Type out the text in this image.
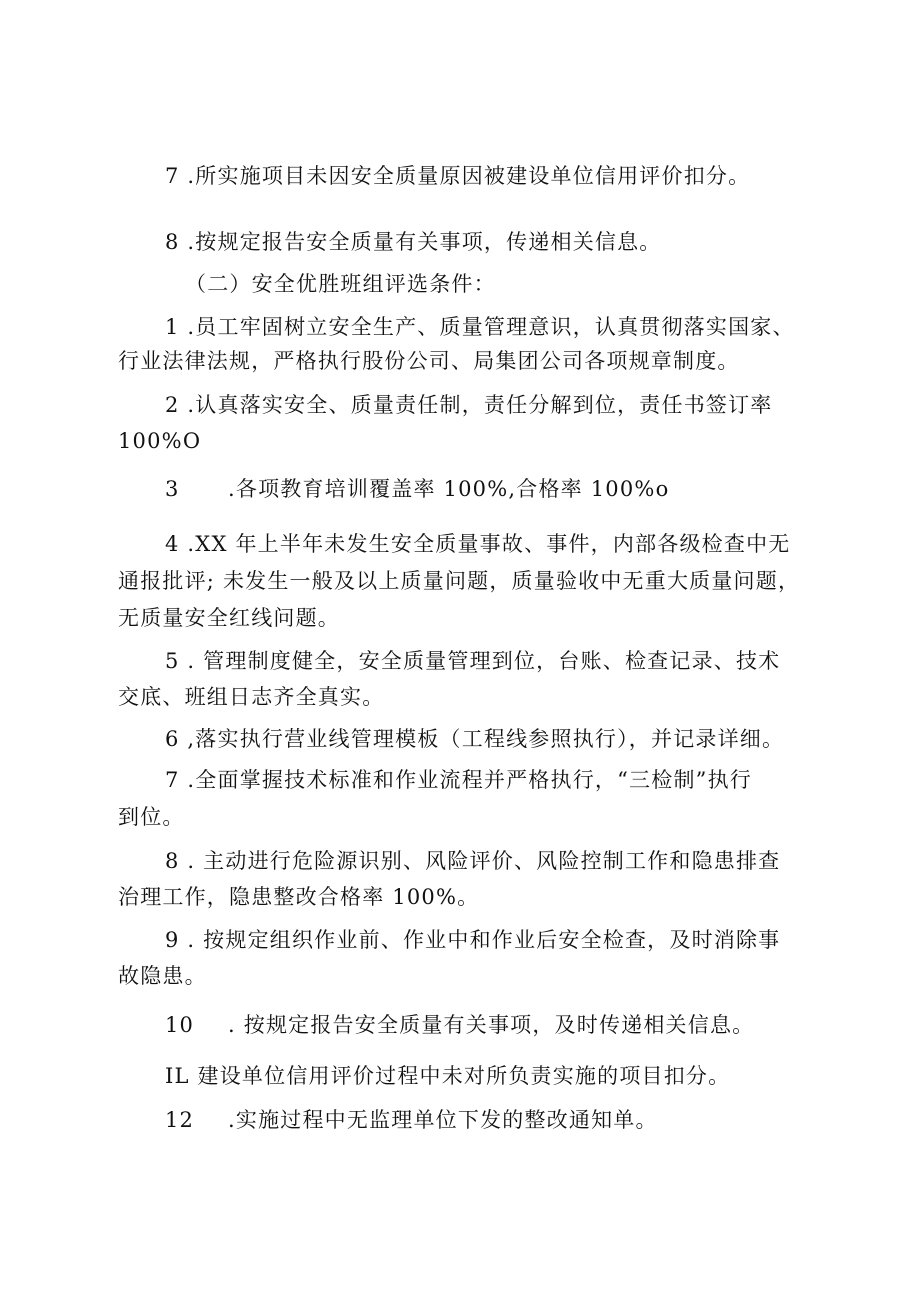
7 .所实施项目未因安全质量原因被建设单位信用评价扣分。
8 .按规定报告安全质量有关事项，传递相关信息。
（二）安全优胜班组评选条件：
1 .员工牢固树立安全生产、质量管理意识，认真贯彻落实国家、
行业法律法规，严格执行股份公司、局集团公司各项规章制度。
2 .认真落实安全、质量责任制，责任分解到位，责任书签订率
100%O
3 .各项教育培训覆盖率 100%,合格率 100%o
4 .XX 年上半年未发生安全质量事故、事件，内部各级检查中无
通报批评; 未发生一般及以上质量问题，质量验收中无重大质量问题，
无质量安全红线问题。
5 . 管理制度健全，安全质量管理到位，台账、检查记录、技术
交底、班组日志齐全真实。
6 ,落实执行营业线管理模板（工程线参照执行），并记录详细。
7 .全面掌握技术标准和作业流程并严格执行，“三检制”执行
到位。
8 . 主动进行危险源识别、风险评价、风险控制工作和隐患排查
治理工作，隐患整改合格率 100%。
9 . 按规定组织作业前、作业中和作业后安全检查，及时消除事
故隐患。
10 . 按规定报告安全质量有关事项，及时传递相关信息。
IL 建设单位信用评价过程中未对所负责实施的项目扣分。
12 .实施过程中无监理单位下发的整改通知单。
